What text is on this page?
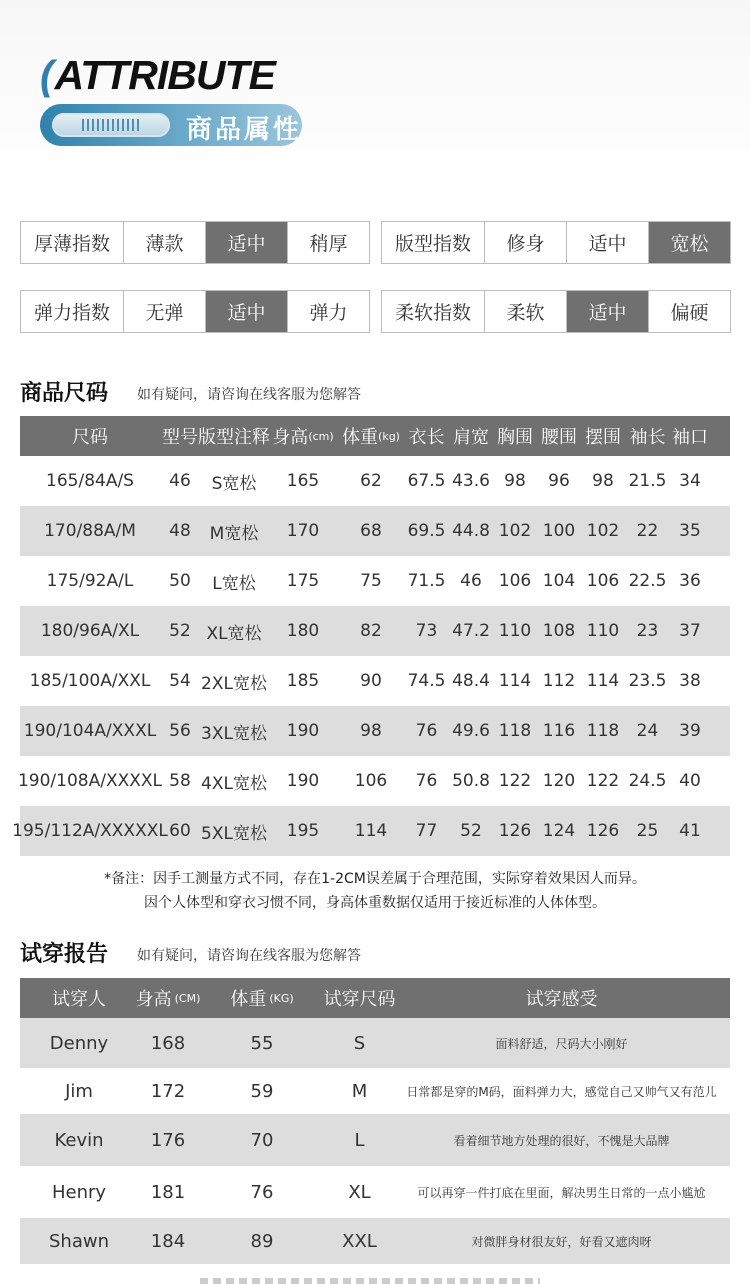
(ATTRIBUTE
商品属性
厚薄指数	薄款	适中	稍厚	版型指数	修身	适中	宽松
弹力指数	无弹	适中	弹力	柔软指数	柔软	适中	偏硬
商品尺码 如有疑问，请咨询在线客服为您解答
尺码	型号 版型注释 身高 (cm) 体重 (kg) 衣长 肩宽 胸围 腰围 摆围 袖长 袖口
165/84A/S	46	S宽松	165	62	67.5 43.6 98	96	98 21.5 34
170/88A/M	48	M宽松	170	68	69.5 44.8 102 100 102	22	35
175/92A/L	50	L宽松	175	75	71.5 46 106 104 106 22.5 36
180/96A/XL	52 XL宽松	180	82	73 47.2 110 108 110	23	37
185/100A/XXL	54 2XL宽松	185	90	74.5 48.4 114 112 114 23.5 38
190/104A/XXXL 56 3XL宽松	190	98	76 49.6 118 116 118	24	39
190/108A/XXXXL 58 4XL宽松	190	106	76 50.8 122 120 122 24.5 40
195/112A/XXXXXL 60 5XL宽松	195	114	77	52 126 124 126	25	41
*备注：因手工测量方式不同，存在1-2CM误差属于合理范围，实际穿着效果因人而异。
因个人体型和穿衣习惯不同，身高体重数据仅适用于接近标准的人体体型。
试穿报告 如有疑问，请咨询在线客服为您解答
试穿人 身高 (CM) 体重 (KG) 试穿尺码	试穿感受
Denny	168	55	S	面料舒适，尺码大小刚好
Jim	172	59	M	日常都是穿的M码，面料弹力大，感觉自己又帅气又有范儿
Kevin	176	70	L	看着细节地方处理的很好，不愧是大品牌
Henry	181	76	XL	可以再穿一件打底在里面，解决男生日常的一点小尴尬
Shawn	184	89	XXL	对微胖身材很友好，好看又遮肉呀
